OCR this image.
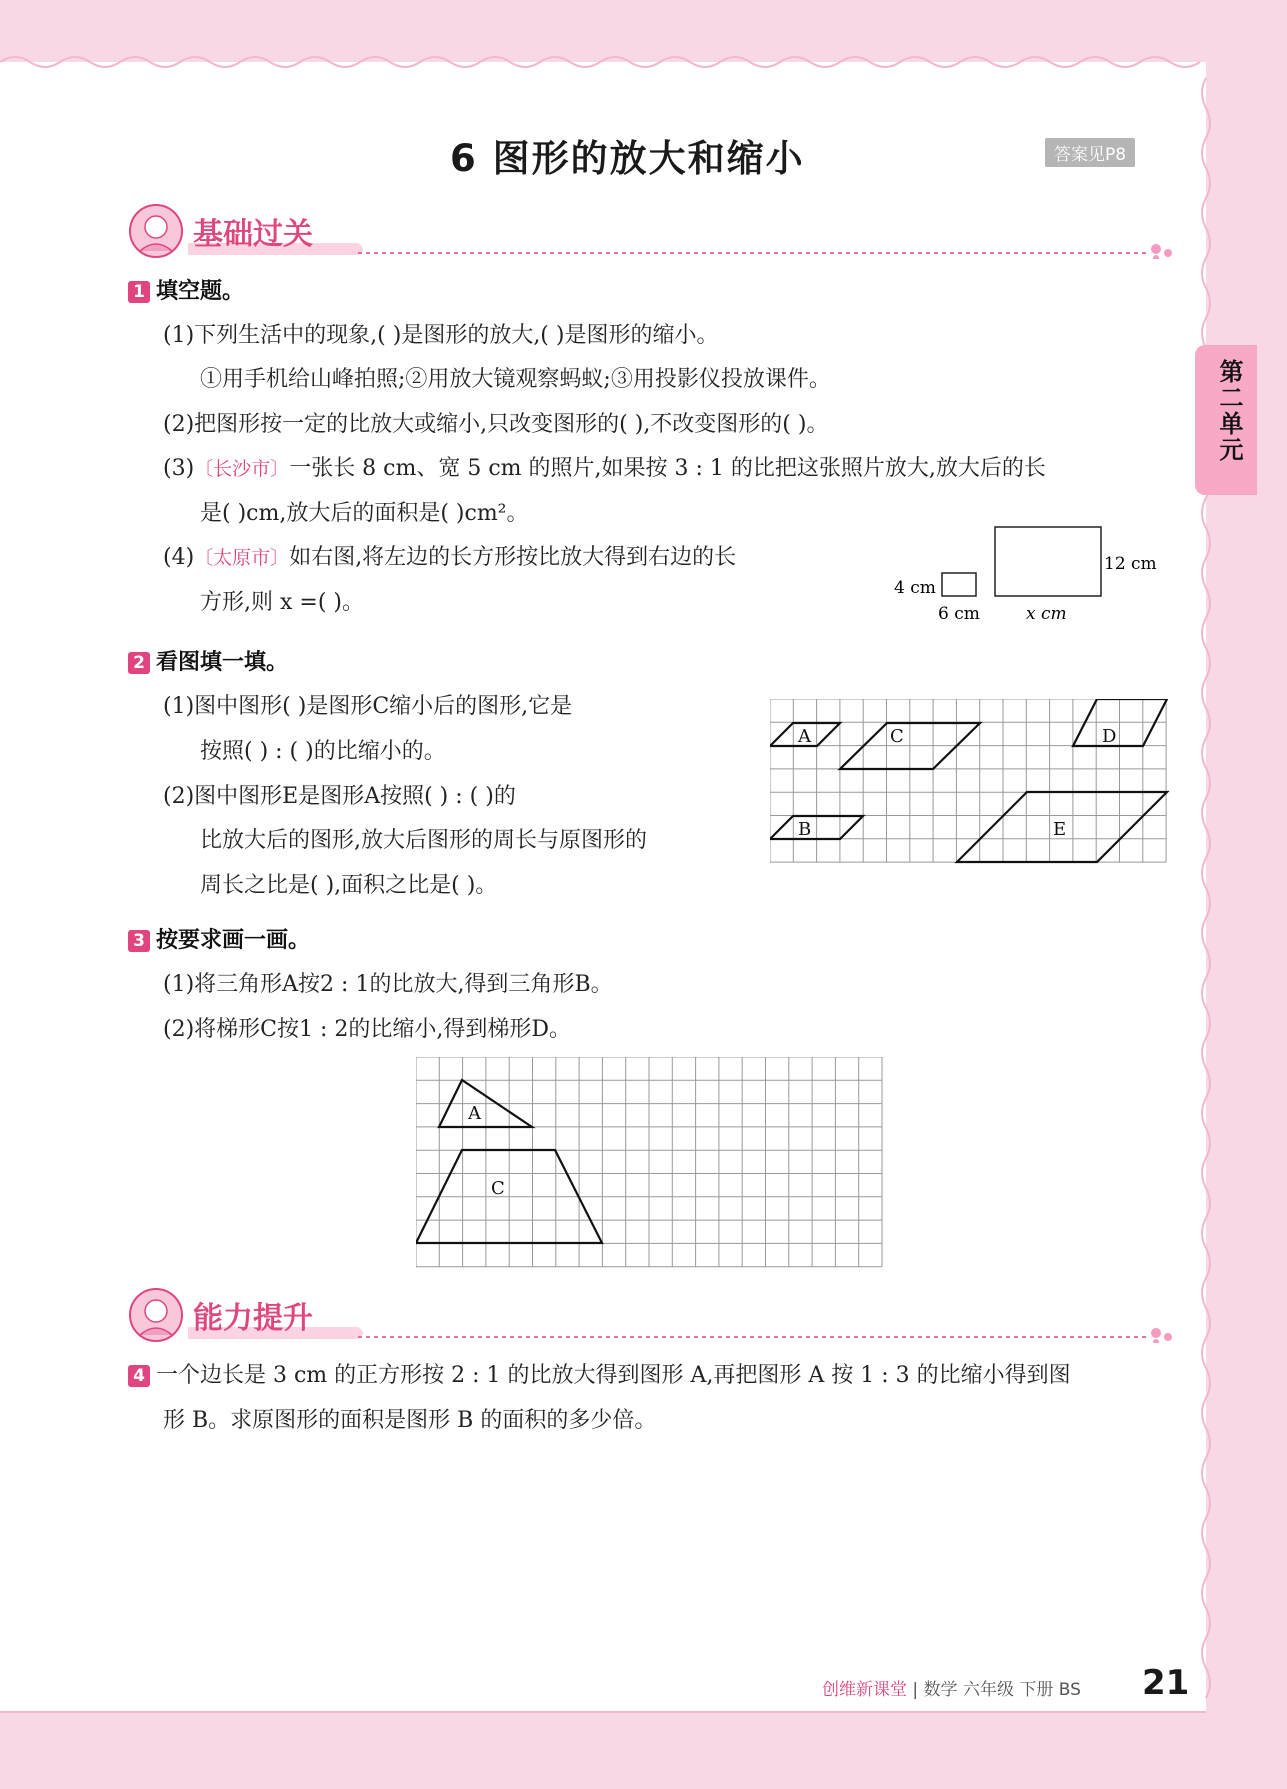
6 图形的放大和缩小	答案见P8
第二单元
基础过关
1 填空题。
(1)下列生活中的现象,( )是图形的放大,( )是图形的缩小。
①用手机给山峰拍照;②用放大镜观察蚂蚁;③用投影仪投放课件。
(2)把图形按一定的比放大或缩小,只改变图形的( ),不改变图形的( )。
(3)〔长沙市〕一张长 8 cm、宽 5 cm 的照片,如果按 3 : 1 的比把这张照片放大,放大后的长
是( )cm,放大后的面积是( )cm²。
(4)〔太原市〕如右图,将左边的长方形按比放大得到右边的长
方形,则 x =( )。
4 cm
6 cm
12 cm
x cm
2 看图填一填。
(1)图中图形( )是图形C缩小后的图形,它是
按照( ) : ( )的比缩小的。
(2)图中图形E是图形A按照( ) : ( )的
比放大后的图形,放大后图形的周长与原图形的
周长之比是( ),面积之比是( )。
A	C	D
B	E
3 按要求画一画。
(1)将三角形A按2 : 1的比放大,得到三角形B。
(2)将梯形C按1 : 2的比缩小,得到梯形D。
A
C
能力提升
4 一个边长是 3 cm 的正方形按 2 : 1 的比放大得到图形 A,再把图形 A 按 1 : 3 的比缩小得到图
形 B。求原图形的面积是图形 B 的面积的多少倍。
创维新课堂 | 数学 六年级 下册 BS 21
